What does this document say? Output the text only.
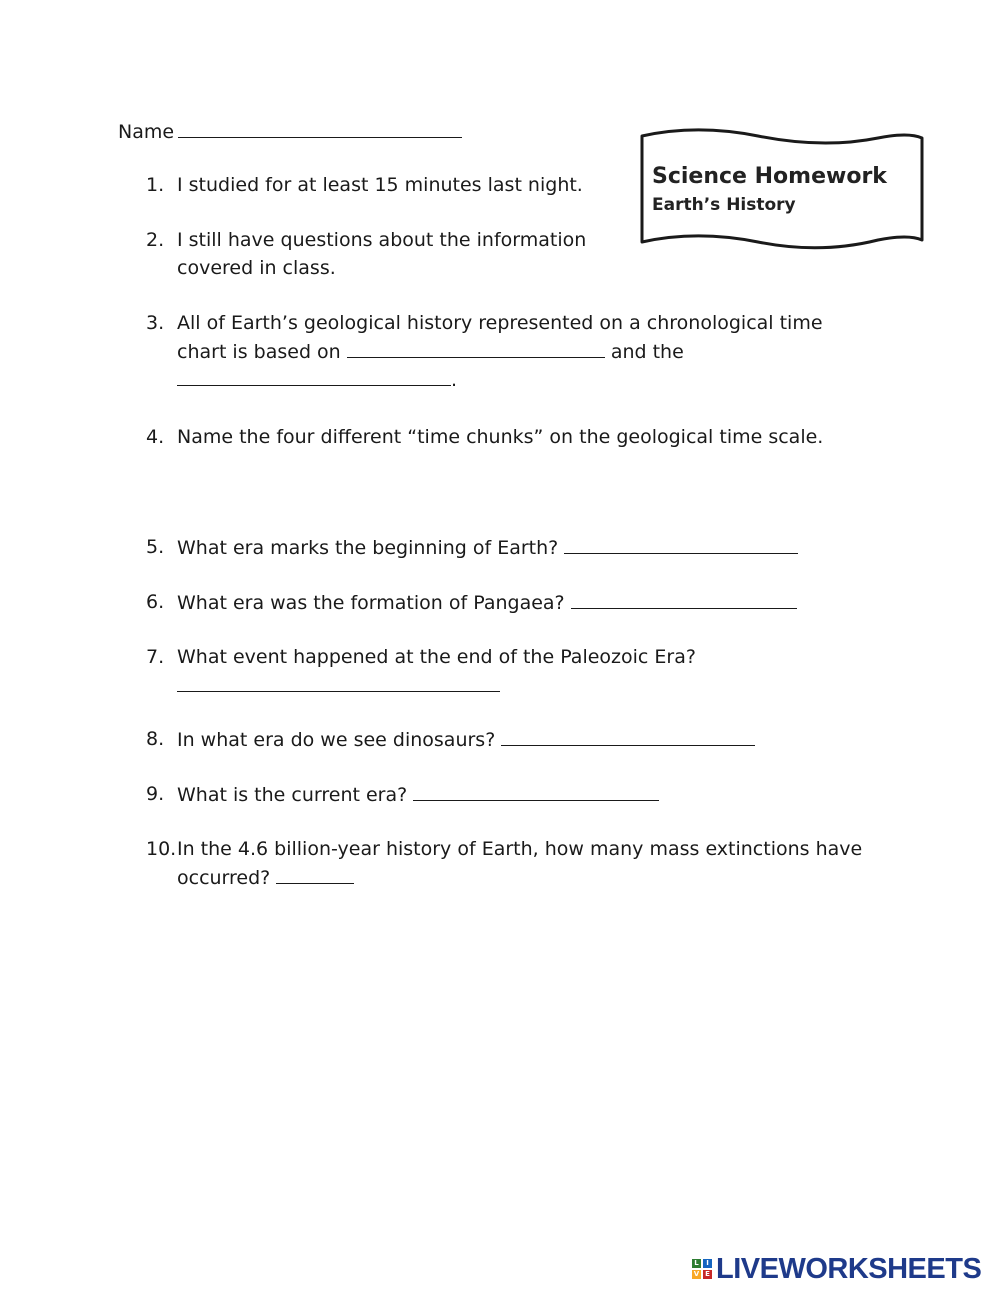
Name
Science Homework
Earth’s History
1. I studied for at least 15 minutes last night.
2. I still have questions about the information
covered in class.
3. All of Earth’s geological history represented on a chronological time
chart is based on	and the
.
4. Name the four different “time chunks” on the geological time scale.
5. What era marks the beginning of Earth?
6. What era was the formation of Pangaea?
7. What event happened at the end of the Paleozoic Era?
8. In what era do we see dinosaurs?
9. What is the current era?
10. In the 4.6 billion-year history of Earth, how many mass extinctions have
occurred?
L	I
V E LIVEWORKSHEETS
